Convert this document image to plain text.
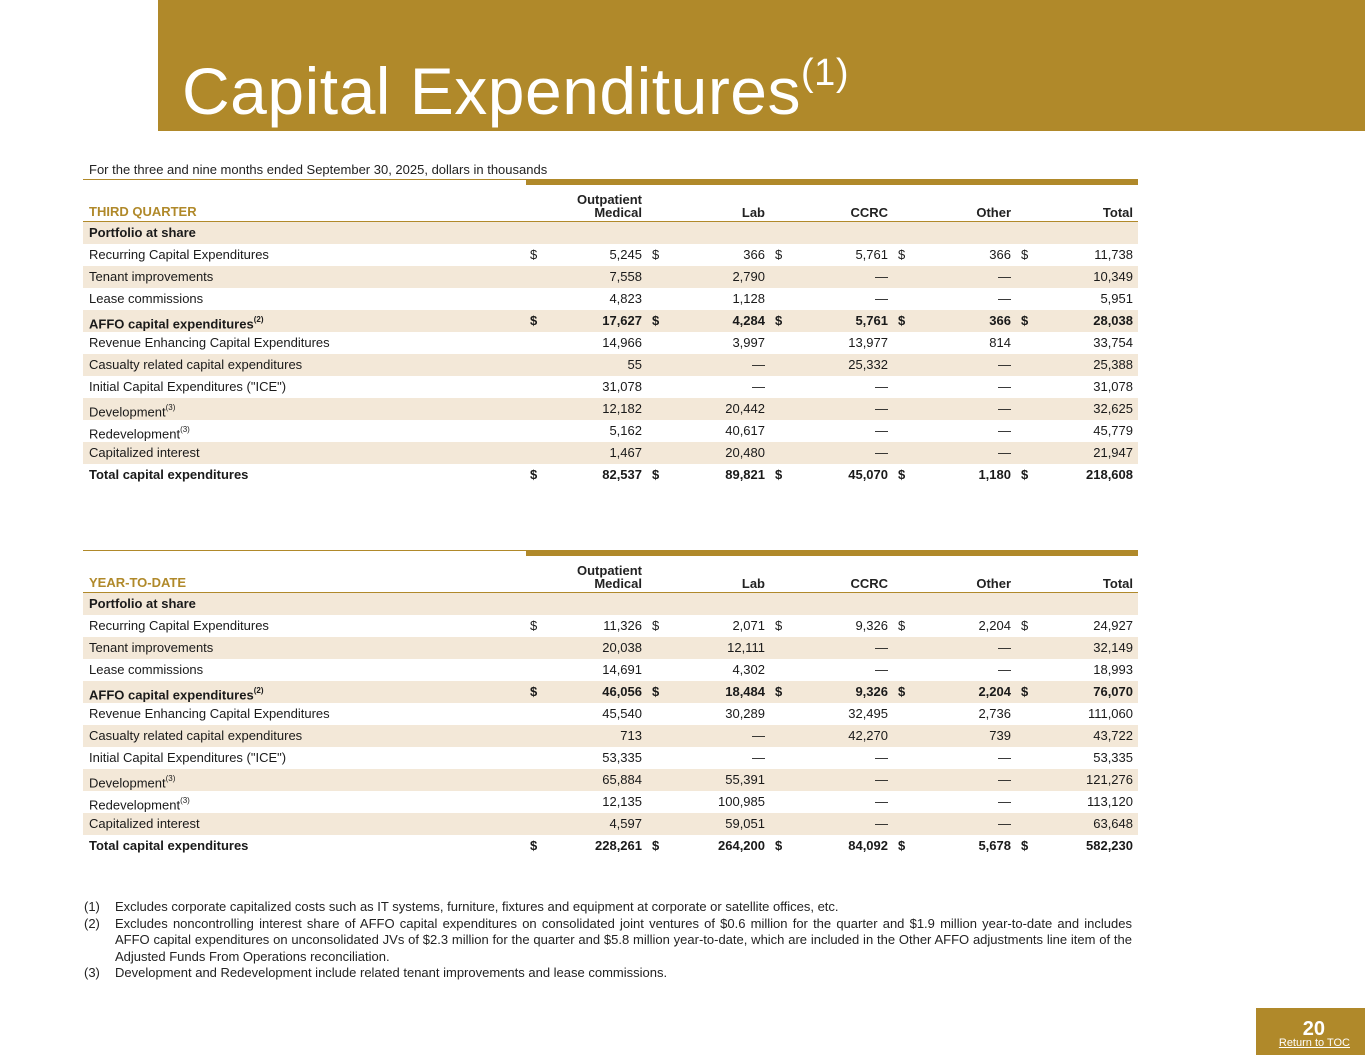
Capital Expenditures$^{(1)}$
For the three and nine months ended September 30, 2025, dollars in thousands
THIRD QUARTER
Outpatient
Medical	Lab	CCRC	Other	Total
Portfolio at share
Recurring Capital Expenditures	$	5,245 $	366 $	5,761 $	366 $	11,738
Tenant improvements	7,558	2,790	—	—	10,349
Lease commissions	4,823	1,128	—	—	5,951
AFFO capital expenditures$^{(2)}$	$	17,627 $	4,284 $	5,761 $	366 $	28,038
Revenue Enhancing Capital Expenditures	14,966	3,997	13,977	814	33,754
Casualty related capital expenditures	55	—	25,332	—	25,388
Initial Capital Expenditures ("ICE")	31,078	—	—	—	31,078
Development$^{(3)}$	12,182	20,442	—	—	32,625
Redevelopment$^{(3)}$	5,162	40,617	—	—	45,779
Capitalized interest	1,467	20,480	—	—	21,947
Total capital expenditures	$	82,537 $	89,821 $	45,070 $	1,180 $	218,608
YEAR-TO-DATE
Outpatient
Medical	Lab	CCRC	Other	Total
Portfolio at share
Recurring Capital Expenditures	$	11,326 $	2,071 $	9,326 $	2,204 $	24,927
Tenant improvements	20,038	12,111	—	—	32,149
Lease commissions	14,691	4,302	—	—	18,993
AFFO capital expenditures$^{(2)}$	$	46,056 $	18,484 $	9,326 $	2,204 $	76,070
Revenue Enhancing Capital Expenditures	45,540	30,289	32,495	2,736	111,060
Casualty related capital expenditures	713	—	42,270	739	43,722
Initial Capital Expenditures ("ICE")	53,335	—	—	—	53,335
Development$^{(3)}$	65,884	55,391	—	—	121,276
Redevelopment$^{(3)}$	12,135	100,985	—	—	113,120
Capitalized interest	4,597	59,051	—	—	63,648
Total capital expenditures	$	228,261 $	264,200 $	84,092 $	5,678 $	582,230
(1)	Excludes corporate capitalized costs such as IT systems, furniture, fixtures and equipment at corporate or satellite offices, etc.
(2)	Excludes noncontrolling interest share of AFFO capital expenditures on consolidated joint ventures of $0.6 million for the quarter and $1.9 million year-to-date and includes AFFO capital expenditures on unconsolidated JVs of $2.3 million for the quarter and $5.8 million year-to-date, which are included in the Other AFFO adjustments line item of the Adjusted Funds From Operations reconciliation.
(3)	Development and Redevelopment include related tenant improvements and lease commissions.
20
Return to TOC
